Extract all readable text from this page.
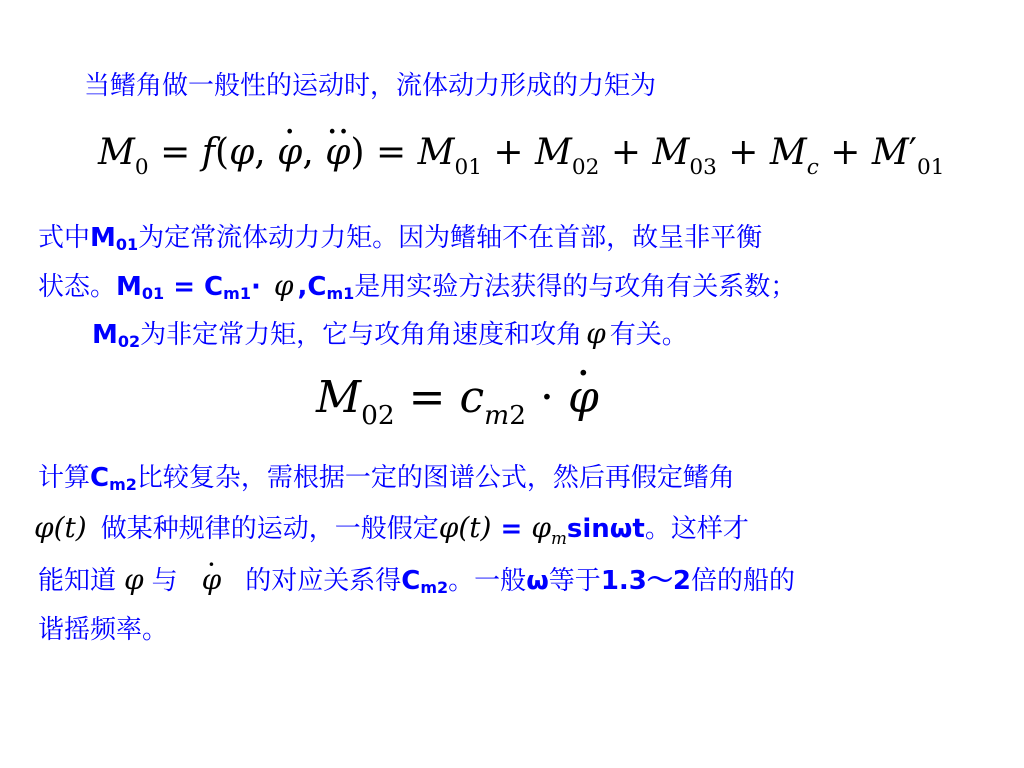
当鳍角做一般性的运动时，流体动力形成的力矩为
$M_0 = f(\varphi$, · φ, ·· $\varphi) = M_{01} + M_{02} + M_{03} + M_c + M'_{01}$
式中M01为定常流体动力力矩。因为鳍轴不在首部，故呈非平衡
状态。M01 = Cm1· φ ,Cm1是用实验方法获得的与攻角有关系数；
M02为非定常力矩，它与攻角角速度和攻角 φ 有关。
$M_{02} = c_{m2}$ · · φ
计算Cm2比较复杂，需根据一定的图谱公式，然后再假定鳍角
φ(t) 做某种规律的运动，一般假定$\varphi(t) = \varphi_m\sin\omega t$。这样才
能知道 φ 与· φ 的对应关系得Cm2。一般ω等于1.3～2倍的船的
谐摇频率。
